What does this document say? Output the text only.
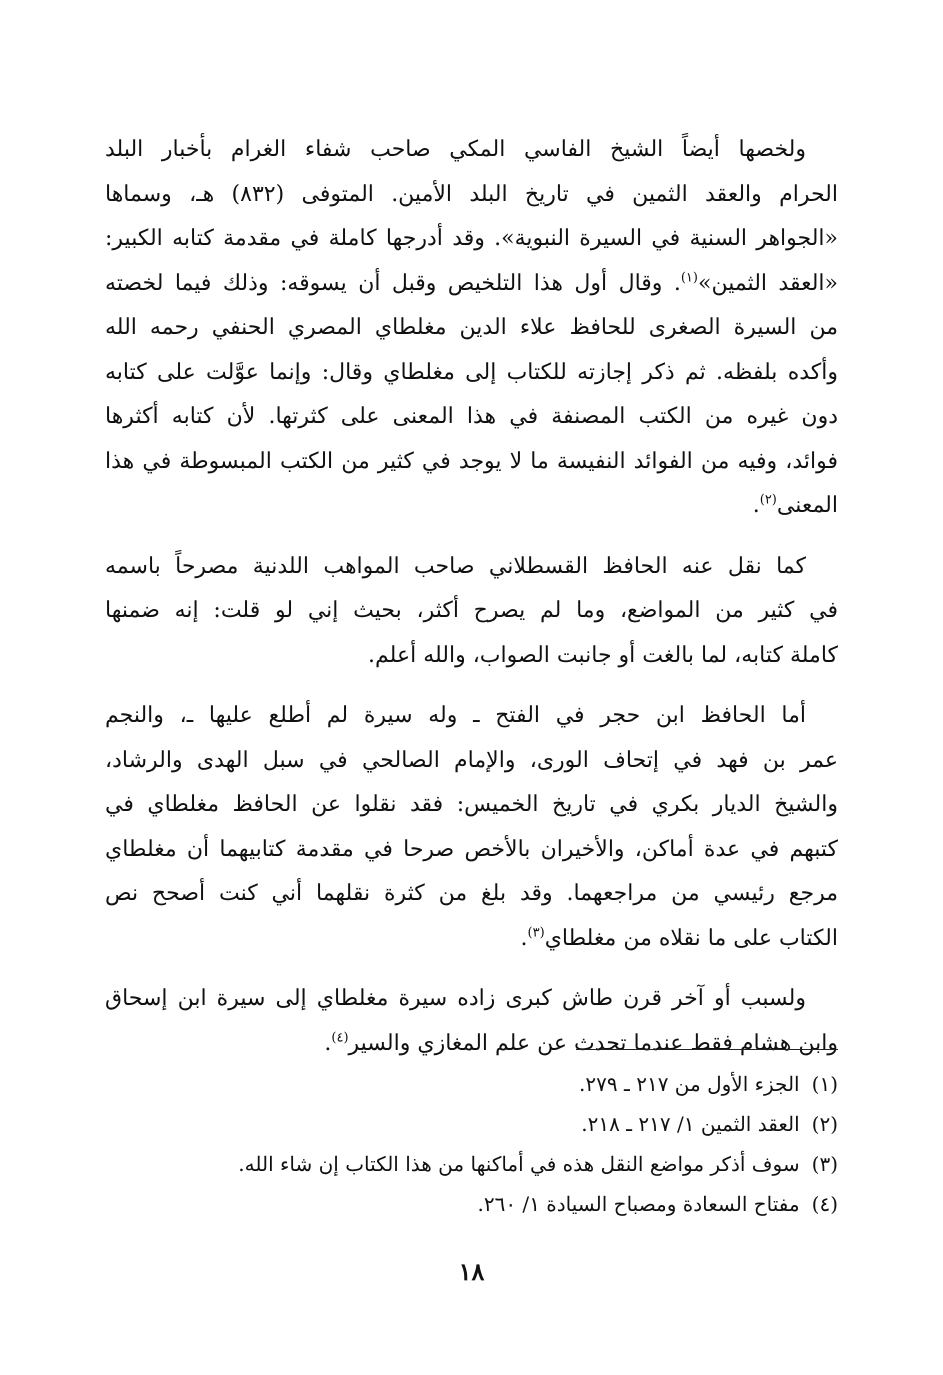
ولخصها أيضاً الشيخ الفاسي المكي صاحب شفاء الغرام بأخبار البلد
الحرام والعقد الثمين في تاريخ البلد الأمين. المتوفى (٨٣٢) هـ، وسماها
«الجواهر السنية في السيرة النبوية». وقد أدرجها كاملة في مقدمة كتابه الكبير:
«العقد الثمين»$^{(١)}$. وقال أول هذا التلخيص وقبل أن يسوقه: وذلك فيما لخصته
من السيرة الصغرى للحافظ علاء الدين مغلطاي المصري الحنفي رحمه الله
وأكده بلفظه. ثم ذكر إجازته للكتاب إلى مغلطاي وقال: وإنما عوَّلت على كتابه
دون غيره من الكتب المصنفة في هذا المعنى على كثرتها. لأن كتابه أكثرها
فوائد، وفيه من الفوائد النفيسة ما لا يوجد في كثير من الكتب المبسوطة في هذا
المعنى$^{(٢)}$.

كما نقل عنه الحافظ القسطلاني صاحب المواهب اللدنية مصرحاً باسمه
في كثير من المواضع، وما لم يصرح أكثر، بحيث إني لو قلت: إنه ضمنها
كاملة كتابه، لما بالغت أو جانبت الصواب، والله أعلم.

أما الحافظ ابن حجر في الفتح ـ وله سيرة لم أطلع عليها ـ، والنجم
عمر بن فهد في إتحاف الورى، والإمام الصالحي في سبل الهدى والرشاد،
والشيخ الديار بكري في تاريخ الخميس: فقد نقلوا عن الحافظ مغلطاي في
كتبهم في عدة أماكن، والأخيران بالأخص صرحا في مقدمة كتابيهما أن مغلطاي
مرجع رئيسي من مراجعهما. وقد بلغ من كثرة نقلهما أني كنت أصحح نص
الكتاب على ما نقلاه من مغلطاي$^{(٣)}$.

ولسبب أو آخر قرن طاش كبرى زاده سيرة مغلطاي إلى سيرة ابن إسحاق
وابن هشام فقط عندما تحدث عن علم المغازي والسير$^{(٤)}$.

(١)الجزء الأول من ٢١٧ ـ ٢٧٩.
(٢)العقد الثمين ١/ ٢١٧ ـ ٢١٨.
(٣)سوف أذكر مواضع النقل هذه في أماكنها من هذا الكتاب إن شاء الله.
(٤)مفتاح السعادة ومصباح السيادة ١/ ٢٦٠.
١٨
